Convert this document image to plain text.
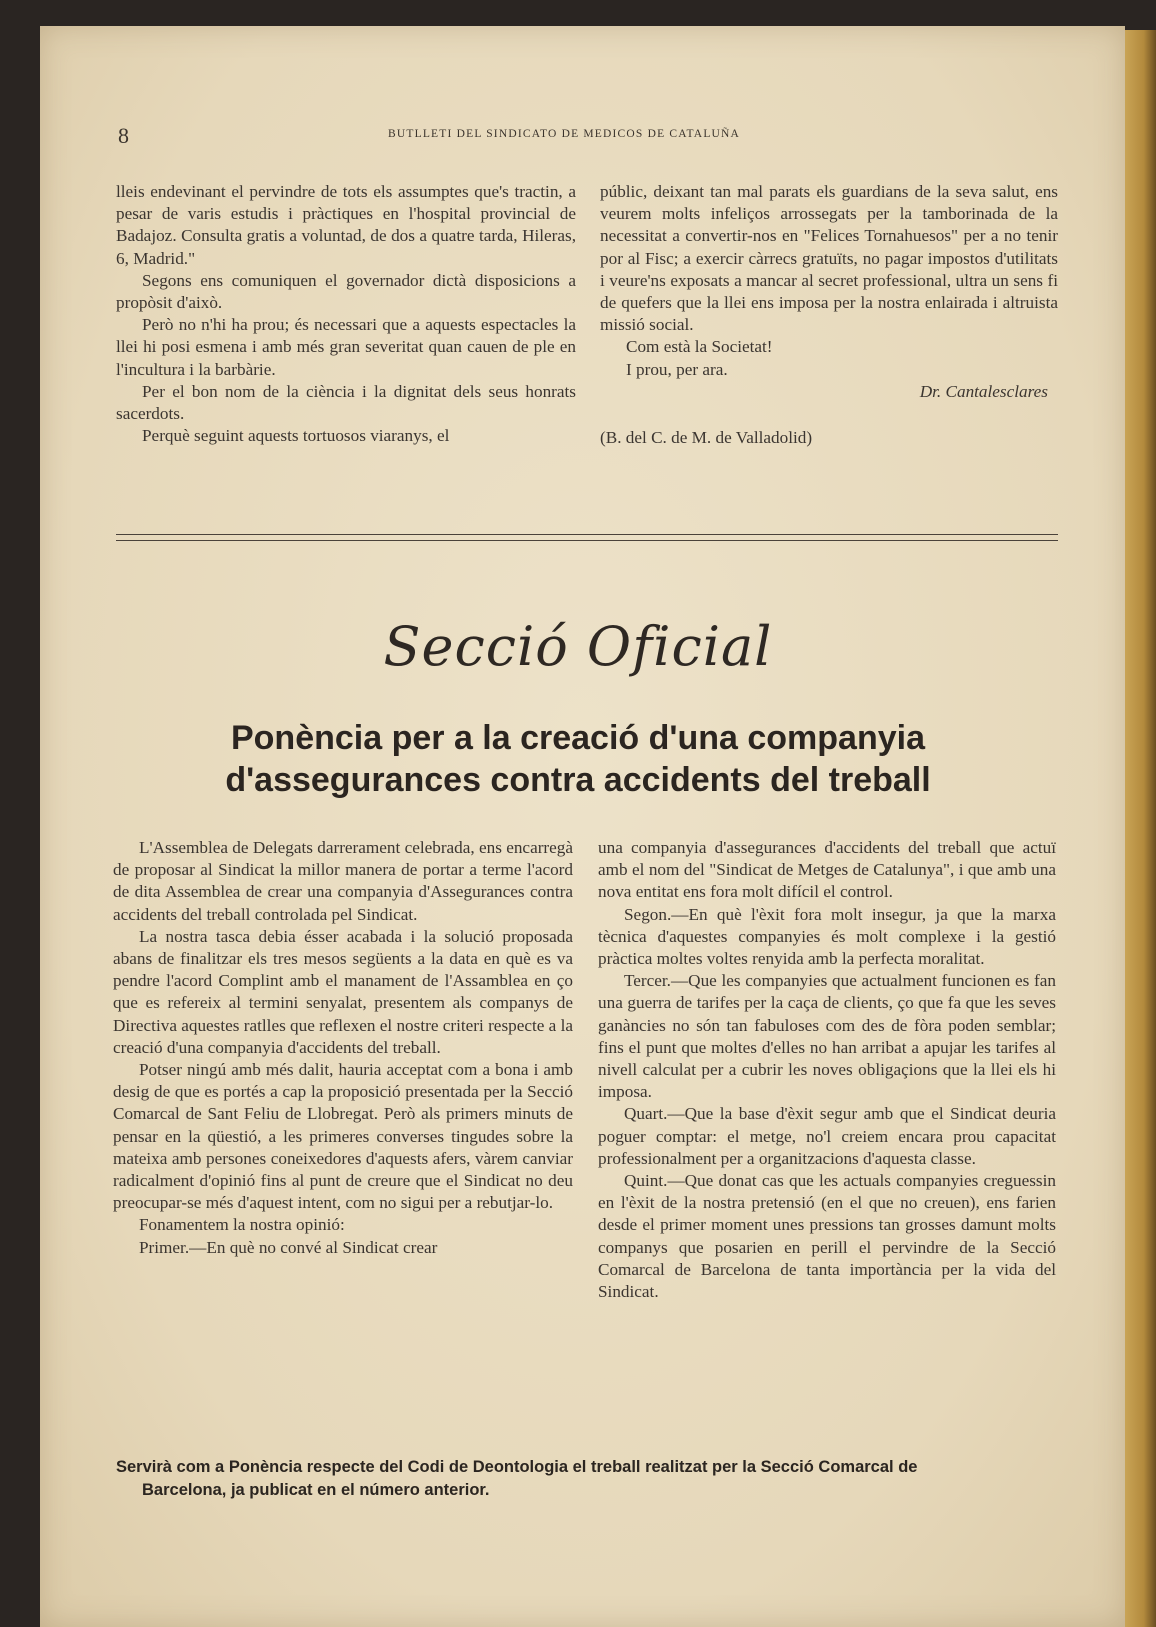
8	BUTLLETI DEL SINDICATO DE MEDICOS DE CATALUÑA

lleis endevinant el pervindre de tots els assumptes que's tractin, a pesar de varis estudis i pràctiques en l'hospital provincial de Badajoz. Consulta gratis a voluntad, de dos a quatre tarda, Hileras, 6, Madrid."

Segons ens comuniquen el governador dictà disposicions a propòsit d'això.

Però no n'hi ha prou; és necessari que a aquests espectacles la llei hi posi esmena i amb més gran severitat quan cauen de ple en l'incultura i la barbàrie.

Per el bon nom de la ciència i la dignitat dels seus honrats sacerdots.

Perquè seguint aquests tortuosos viaranys, el

públic, deixant tan mal parats els guardians de la seva salut, ens veurem molts infeliços arrossegats per la tamborinada de la necessitat a convertir-nos en "Felices Tornahuesos" per a no tenir por al Fisc; a exercir càrrecs gratuïts, no pagar impostos d'utilitats i veure'ns exposats a mancar al secret professional, ultra un sens fi de quefers que la llei ens imposa per la nostra enlairada i altruista missió social.

Com està la Societat!

I prou, per ara.

Dr. Cantalesclares

(B. del C. de M. de Valladolid)

Secció Oficial
Ponència per a la creació d'una companyia
d'assegurances contra accidents del treball

L'Assemblea de Delegats darrerament celebrada, ens encarregà de proposar al Sindicat la millor manera de portar a terme l'acord de dita Assemblea de crear una companyia d'Assegurances contra accidents del treball controlada pel Sindicat.

La nostra tasca debia ésser acabada i la solució proposada abans de finalitzar els tres mesos següents a la data en què es va pendre l'acord Complint amb el manament de l'Assamblea en ço que es refereix al termini senyalat, presentem als companys de Directiva aquestes ratlles que reflexen el nostre criteri respecte a la creació d'una companyia d'accidents del treball.

Potser ningú amb més dalit, hauria acceptat com a bona i amb desig de que es portés a cap la proposició presentada per la Secció Comarcal de Sant Feliu de Llobregat. Però als primers minuts de pensar en la qüestió, a les primeres converses tingudes sobre la mateixa amb persones coneixedores d'aquests afers, vàrem canviar radicalment d'opinió fins al punt de creure que el Sindicat no deu preocupar-se més d'aquest intent, com no sigui per a rebutjar-lo.

Fonamentem la nostra opinió:

Primer.—En què no convé al Sindicat crear

una companyia d'assegurances d'accidents del treball que actuï amb el nom del "Sindicat de Metges de Catalunya", i que amb una nova entitat ens fora molt difícil el control.

Segon.—En què l'èxit fora molt insegur, ja que la marxa tècnica d'aquestes companyies és molt complexe i la gestió pràctica moltes voltes renyida amb la perfecta moralitat.

Tercer.—Que les companyies que actualment funcionen es fan una guerra de tarifes per la caça de clients, ço que fa que les seves ganàncies no són tan fabuloses com des de fòra poden semblar; fins el punt que moltes d'elles no han arribat a apujar les tarifes al nivell calculat per a cubrir les noves obligaçions que la llei els hi imposa.

Quart.—Que la base d'èxit segur amb que el Sindicat deuria poguer comptar: el metge, no'l creiem encara prou capacitat professionalment per a organitzacions d'aquesta classe.

Quint.—Que donat cas que les actuals companyies creguessin en l'èxit de la nostra pretensió (en el que no creuen), ens farien desde el primer moment unes pressions tan grosses damunt molts companys que posarien en perill el pervindre de la Secció Comarcal de Barcelona de tanta importància per la vida del Sindicat.

Servirà com a Ponència respecte del Codi de Deontologia el treball realitzat per la Secció Comarcal de
Barcelona, ja publicat en el número anterior.
